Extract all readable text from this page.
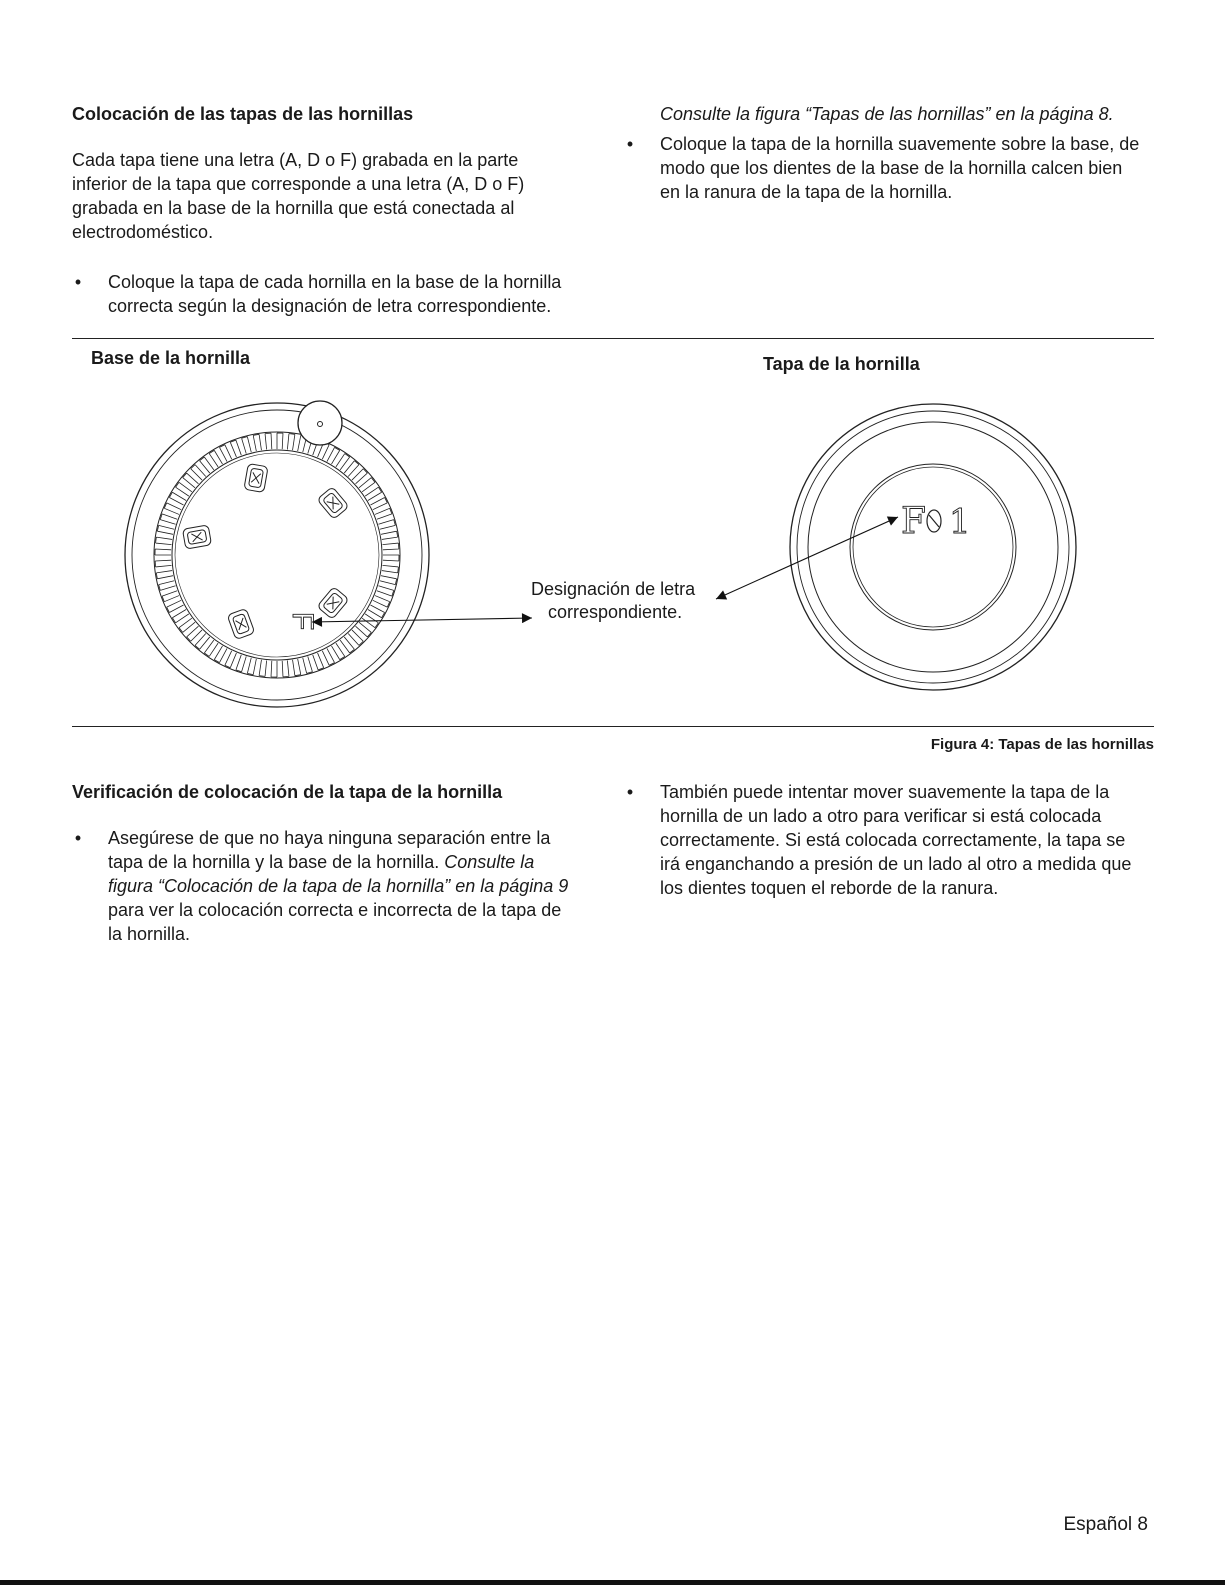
Colocación de las tapas de las hornillas

Cada tapa tiene una letra (A, D o F) grabada en la parte inferior de la tapa que corresponde a una letra (A, D o F) grabada en la base de la hornilla que está conectada al electrodoméstico.

• Coloque la tapa de cada hornilla en la base de la hornilla correcta según la designación de letra correspondiente.
Consulte la figura “Tapas de las hornillas” en la página 8.
• Coloque la tapa de la hornilla suavemente sobre la base, de modo que los dientes de la base de la hornilla calcen bien en la ranura de la tapa de la hornilla.
Base de la hornilla	Tapa de la hornilla
F
F 1
Designación de letra
correspondiente.
Figura 4: Tapas de las hornillas
Verificación de colocación de la tapa de la hornilla
• Asegúrese de que no haya ninguna separación entre la tapa de la hornilla y la base de la hornilla. Consulte la figura “Colocación de la tapa de la hornilla” en la página 9 para ver la colocación correcta e incorrecta de la tapa de la hornilla.
• También puede intentar mover suavemente la tapa de la hornilla de un lado a otro para verificar si está colocada correctamente. Si está colocada correctamente, la tapa se irá enganchando a presión de un lado al otro a medida que los dientes toquen el reborde de la ranura.
Español 8
